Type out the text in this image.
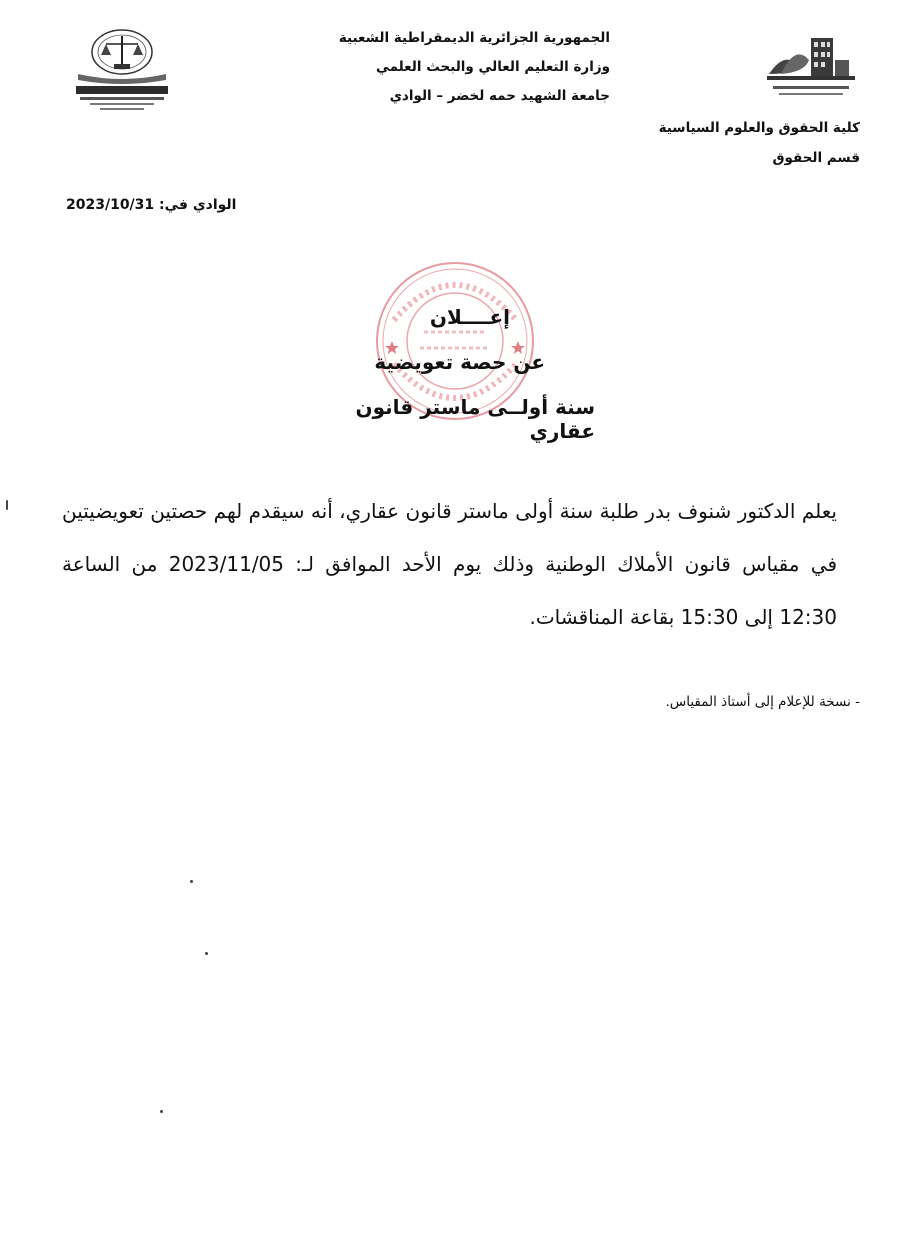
الجمهورية الجزائرية الديمقراطية الشعبية
وزارة التعليم العالي والبحث العلمي
جامعة الشهيد حمه لخضر – الوادي
كلية الحقوق والعلوم السياسية
قسم الحقوق
2023/10/31 الوادي في:
إعــــلان
عن حصة تعويضية
سنة أولــى ماستر قانون عقاري
يعلم الدكتور شنوف بدر طلبة سنة أولى ماستر قانون عقاري، أنه سيقدم لهم حصتين تعويضيتين في مقياس قانون الأملاك الوطنية وذلك يوم الأحد الموافق لـ: 2023/11/05 من الساعة 12:30 إلى 15:30 بقاعة المناقشات.
- نسخة للإعلام إلى أستاذ المقياس.
